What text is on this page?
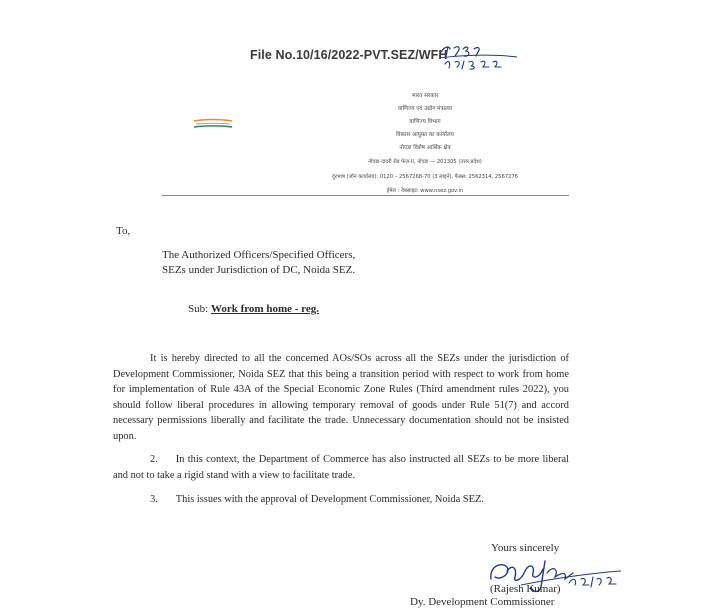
File No.10/16/2022-PVT.SEZ/WFH
भारत सरकार
वाणिज्य एवं उद्योग मंत्रालय
वाणिज्य विभाग
विकास आयुक्त का कार्यालय
नोएडा विशेष आर्थिक क्षेत्र
नोएडा-दादरी रोड फेज़-II, नोएडा — 201305 (उत्तर प्रदेश)
दूरभाष (जोन कार्यालय): 0120 – 2567268-70 (3 लाइनें), फैक्स: 2562314, 2567276
ईमेल : वेबसाइट: www.nsez.gov.in
To,
The Authorized Officers/Specified Officers,
SEZs under Jurisdiction of DC, Noida SEZ.
Sub: Work from home - reg.

It is hereby directed to all the concerned AOs/SOs across all the SEZs under the jurisdiction of Development Commissioner, Noida SEZ that this being a transition period with respect to work from home for implementation of Rule 43A of the Special Economic Zone Rules (Third amendment rules 2022), you should follow liberal procedures in allowing temporary removal of goods under Rule 51(7) and accord necessary permissions liberally and facilitate the trade. Unnecessary documentation should not be insisted upon.

2. In this context, the Department of Commerce has also instructed all SEZs to be more liberal and not to take a rigid stand with a view to facilitate trade.

3. This issues with the approval of Development Commissioner, Noida SEZ.

Yours sincerely
(Rajesh Kumar)
Dy. Development Commissioner
